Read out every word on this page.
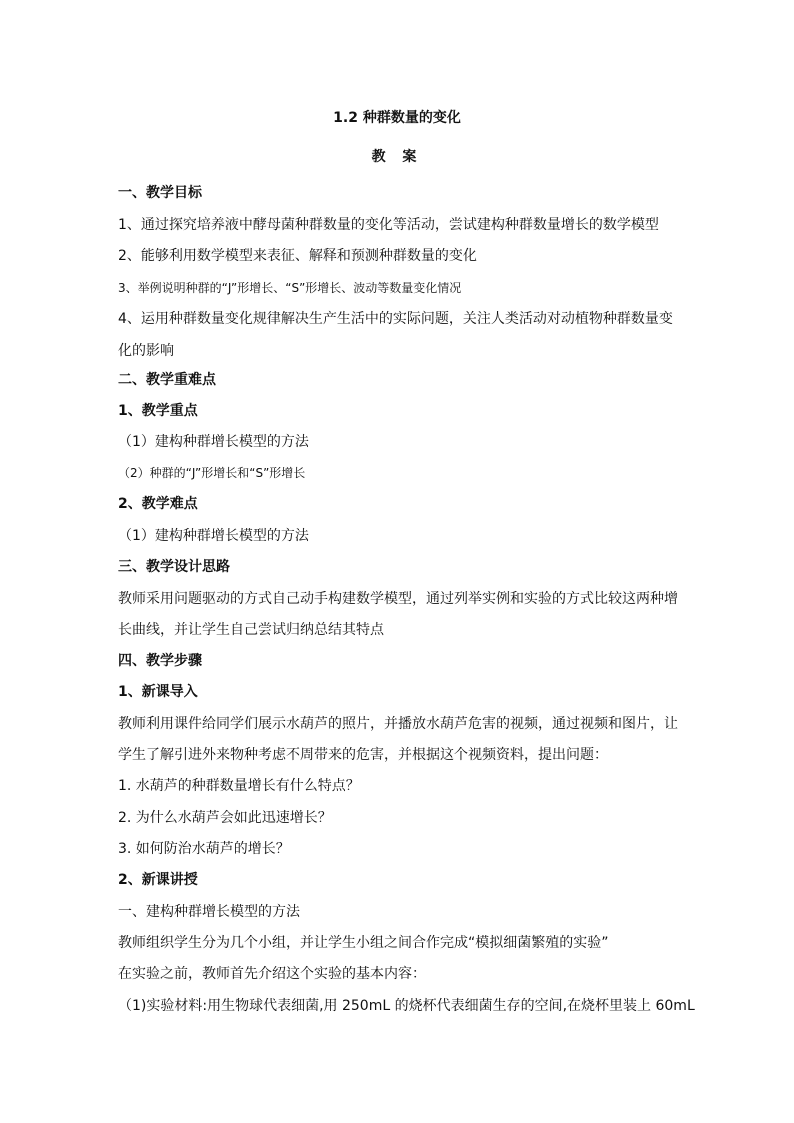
1.2 种群数量的变化
教 案
一、教学目标
1、通过探究培养液中酵母菌种群数量的变化等活动，尝试建构种群数量增长的数学模型
2、能够利用数学模型来表征、解释和预测种群数量的变化
3、举例说明种群的“J”形增长、“S”形增长、波动等数量变化情况
4、运用种群数量变化规律解决生产生活中的实际问题，关注人类活动对动植物种群数量变
化的影响
二、教学重难点
1、教学重点
（1）建构种群增长模型的方法
（2）种群的“J”形增长和“S”形增长
2、教学难点
（1）建构种群增长模型的方法
三、教学设计思路
教师采用问题驱动的方式自己动手构建数学模型，通过列举实例和实验的方式比较这两种增
长曲线，并让学生自己尝试归纳总结其特点
四、教学步骤
1、新课导入
教师利用课件给同学们展示水葫芦的照片，并播放水葫芦危害的视频，通过视频和图片，让
学生了解引进外来物种考虑不周带来的危害，并根据这个视频资料，提出问题：
1. 水葫芦的种群数量增长有什么特点？
2. 为什么水葫芦会如此迅速增长？
3. 如何防治水葫芦的增长？
2、新课讲授
一、建构种群增长模型的方法
教师组织学生分为几个小组，并让学生小组之间合作完成“模拟细菌繁殖的实验”
在实验之前，教师首先介绍这个实验的基本内容：
（1)实验材料:用生物球代表细菌,用 250mL 的烧杯代表细菌生存的空间,在烧杯里装上 60mL
